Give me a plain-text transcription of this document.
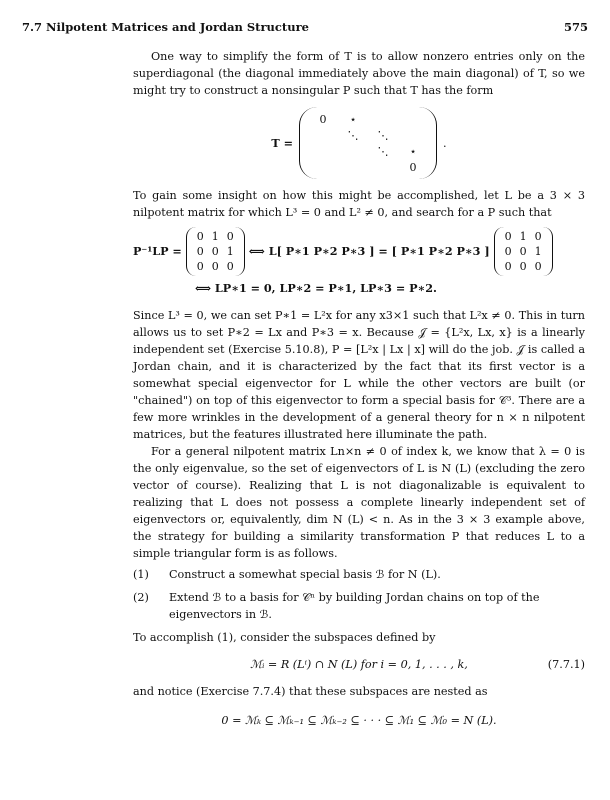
7.7 Nilpotent Matrices and Jordan Structure	575

One way to simplify the form of T is to allow nonzero entries only on the superdiagonal (the diagonal immediately above the main diagonal) of T, so we might try to construct a nonsingular P such that T has the form

T =
0	⋆		
	⋱	⋱	
		⋱	⋆
			0
.

To gain some insight on how this might be accomplished, let L be a 3 × 3 nilpotent matrix for which L³ = 0 and L² ≠ 0, and search for a P such that

P⁻¹LP =
0	1	0
0	0	1
0	0	0
⟺ L[ P∗1 P∗2 P∗3 ] = [ P∗1 P∗2 P∗3 ]
0	1	0
0	0	1
0	0	0
⟺ LP∗1 = 0, LP∗2 = P∗1, LP∗3 = P∗2.

Since L³ = 0, we can set P∗1 = L²x for any x3×1 such that L²x ≠ 0. This in turn allows us to set P∗2 = Lx and P∗3 = x. Because 𝒥 = {L²x, Lx, x} is a linearly independent set (Exercise 5.10.8), P = [L²x | Lx | x] will do the job. 𝒥 is called a Jordan chain, and it is characterized by the fact that its first vector is a somewhat special eigenvector for L while the other vectors are built (or "chained") on top of this eigenvector to form a special basis for 𝒞³. There are a few more wrinkles in the development of a general theory for n × n nilpotent matrices, but the features illustrated here illuminate the path.

For a general nilpotent matrix Ln×n ≠ 0 of index k, we know that λ = 0 is the only eigenvalue, so the set of eigenvectors of L is N (L) (excluding the zero vector of course). Realizing that L is not diagonalizable is equivalent to realizing that L does not possess a complete linearly independent set of eigenvectors or, equivalently, dim N (L) < n. As in the 3 × 3 example above, the strategy for building a similarity transformation P that reduces L to a simple triangular form is as follows.

(1)	Construct a somewhat special basis ℬ for N (L).
(2)	Extend ℬ to a basis for 𝒞ⁿ by building Jordan chains on top of the eigenvectors in ℬ.

To accomplish (1), consider the subspaces defined by

ℳᵢ = R (Lⁱ) ∩ N (L) for i = 0, 1, . . . , k,	(7.7.1)

and notice (Exercise 7.7.4) that these subspaces are nested as

0 = ℳₖ ⊆ ℳₖ₋₁ ⊆ ℳₖ₋₂ ⊆ · · · ⊆ ℳ₁ ⊆ ℳ₀ = N (L).
